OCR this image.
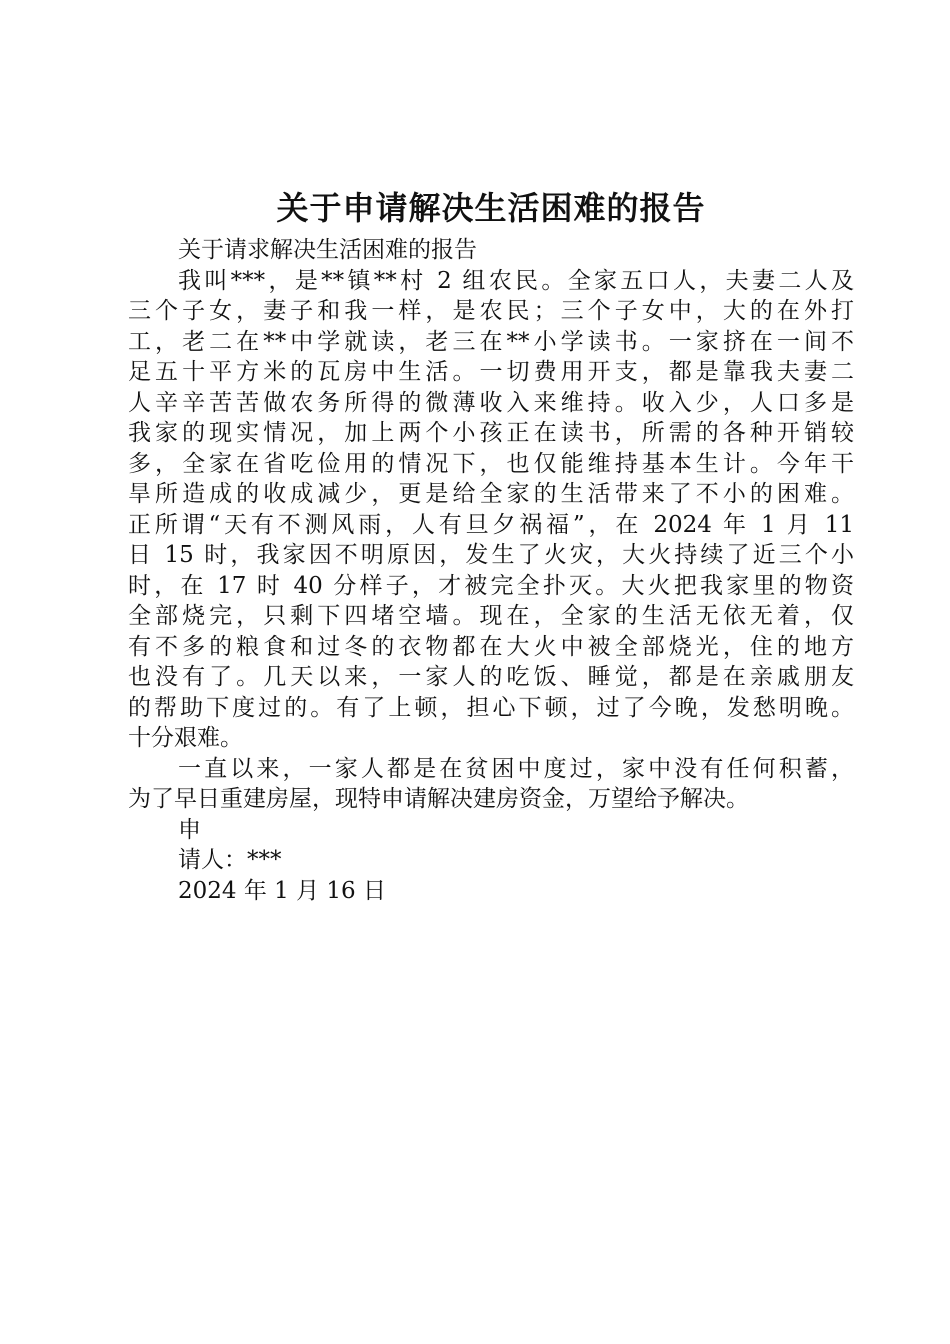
关于申请解决生活困难的报告
关于请求解决生活困难的报告
我叫***，是**镇**村 2 组农民。全家五口人，夫妻二人及
三个子女，妻子和我一样，是农民；三个子女中，大的在外打
工，老二在**中学就读，老三在**小学读书。一家挤在一间不
足五十平方米的瓦房中生活。一切费用开支，都是靠我夫妻二
人辛辛苦苦做农务所得的微薄收入来维持。收入少，人口多是
我家的现实情况，加上两个小孩正在读书，所需的各种开销较
多，全家在省吃俭用的情况下，也仅能维持基本生计。今年干
旱所造成的收成减少，更是给全家的生活带来了不小的困难。
正所谓“天有不测风雨，人有旦夕祸福”，在 2024 年 1 月 11
日 15 时，我家因不明原因，发生了火灾，大火持续了近三个小
时，在 17 时 40 分样子，才被完全扑灭。大火把我家里的物资
全部烧完，只剩下四堵空墙。现在，全家的生活无依无着，仅
有不多的粮食和过冬的衣物都在大火中被全部烧光，住的地方
也没有了。几天以来，一家人的吃饭、睡觉，都是在亲戚朋友
的帮助下度过的。有了上顿，担心下顿，过了今晚，发愁明晚。
十分艰难。
一直以来，一家人都是在贫困中度过，家中没有任何积蓄，
为了早日重建房屋，现特申请解决建房资金，万望给予解决。
申
请人：***
2024 年 1 月 16 日
